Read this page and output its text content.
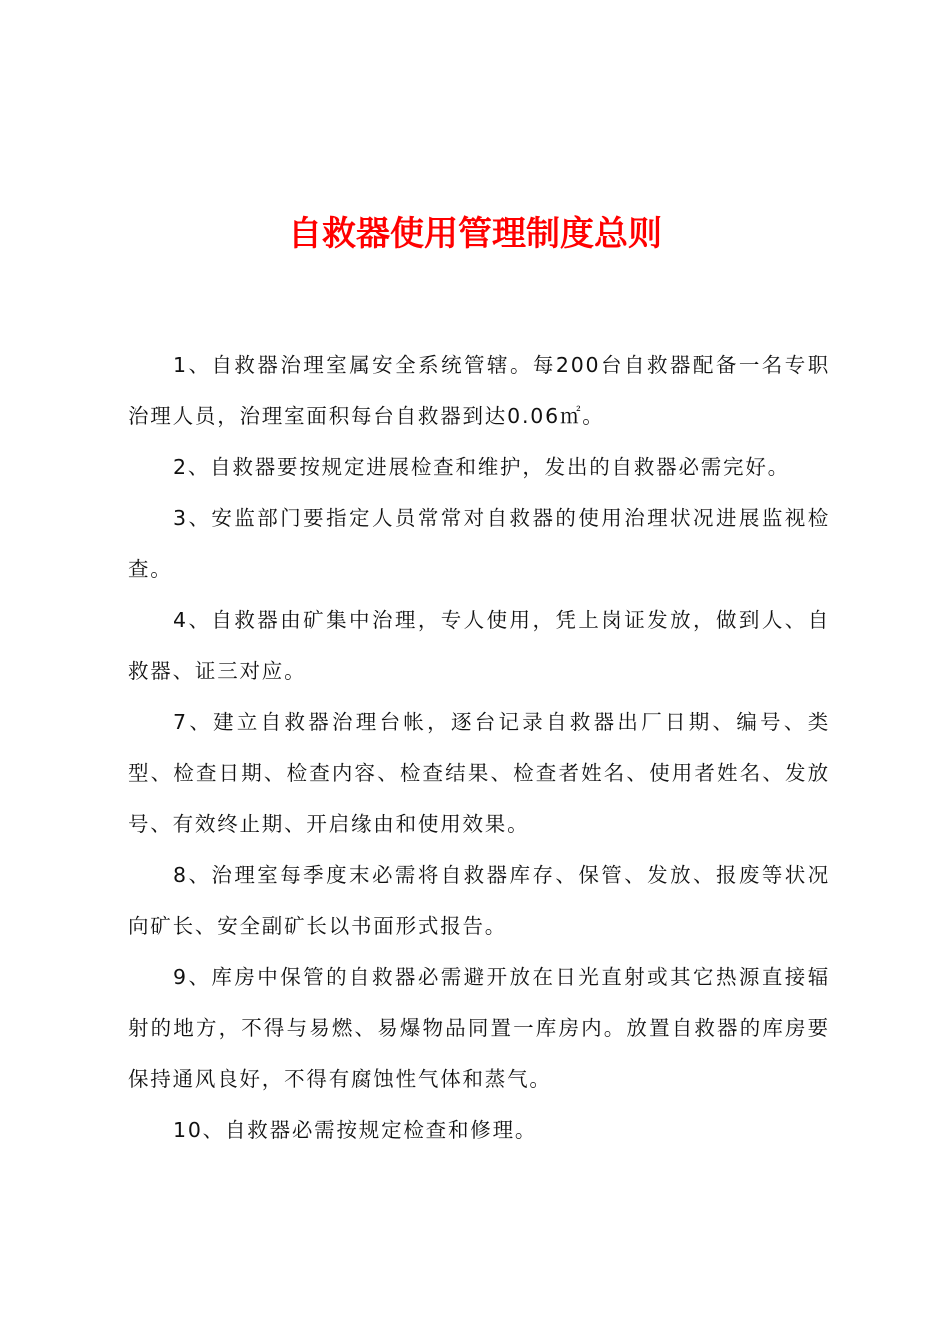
自救器使用管理制度总则

1、自救器治理室属安全系统管辖。每200台自救器配备一名专职治理人员，治理室面积每台自救器到达0.06㎡。

2、自救器要按规定进展检查和维护，发出的自救器必需完好。

3、安监部门要指定人员常常对自救器的使用治理状况进展监视检查。

4、自救器由矿集中治理，专人使用，凭上岗证发放，做到人、自救器、证三对应。

7、建立自救器治理台帐，逐台记录自救器出厂日期、编号、类型、检查日期、检查内容、检查结果、检查者姓名、使用者姓名、发放号、有效终止期、开启缘由和使用效果。

8、治理室每季度末必需将自救器库存、保管、发放、报废等状况向矿长、安全副矿长以书面形式报告。

9、库房中保管的自救器必需避开放在日光直射或其它热源直接辐射的地方，不得与易燃、易爆物品同置一库房内。放置自救器的库房要保持通风良好，不得有腐蚀性气体和蒸气。

10、自救器必需按规定检查和修理。
